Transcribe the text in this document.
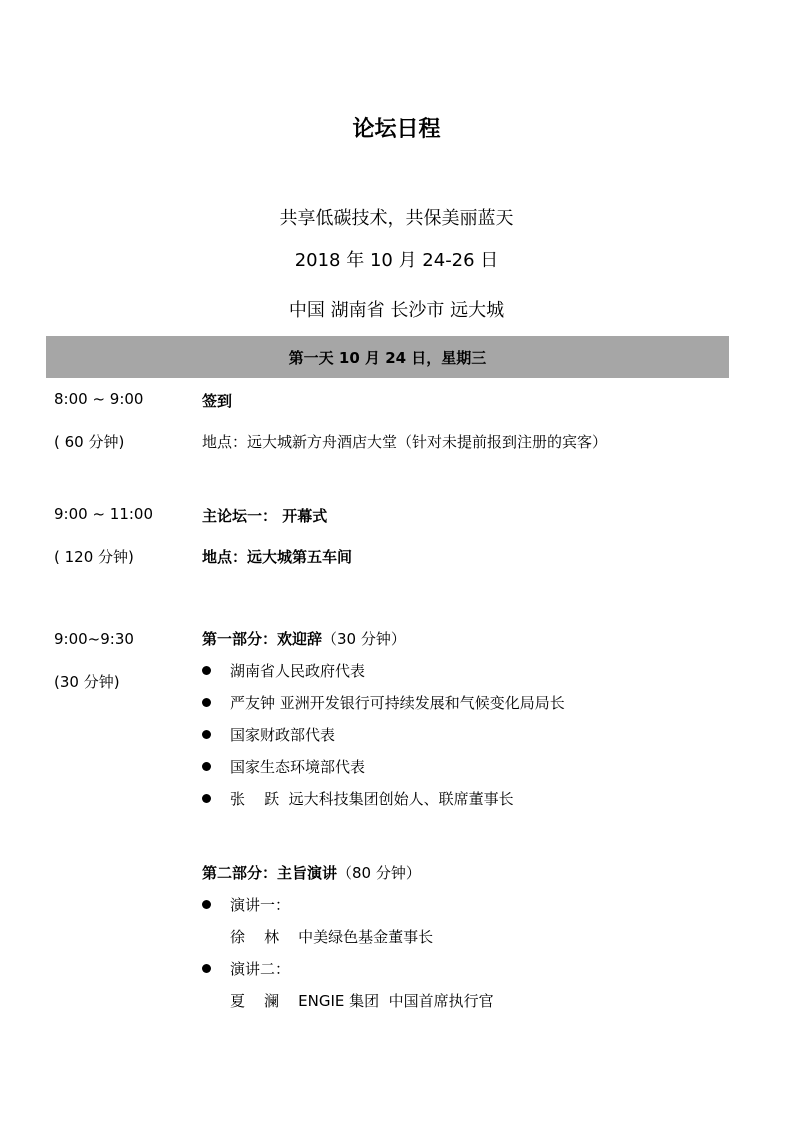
论坛日程
共享低碳技术，共保美丽蓝天
2018 年 10 月 24-26 日
中国 湖南省 长沙市 远大城
第一天 10 月 24 日，星期三
8:00 ~ 9:00
( 60 分钟)
签到
地点：远大城新方舟酒店大堂（针对未提前报到注册的宾客）
9:00 ~ 11:00
( 120 分钟)
主论坛一： 开幕式
地点：远大城第五车间
9:00~9:30
(30 分钟)
第一部分：欢迎辞（30 分钟）
湖南省人民政府代表
严友钟 亚洲开发银行可持续发展和气候变化局局长
国家财政部代表
国家生态环境部代表
张    跃  远大科技集团创始人、联席董事长
第二部分：主旨演讲（80 分钟）
演讲一：
徐    林    中美绿色基金董事长
演讲二：
夏    澜    ENGIE 集团  中国首席执行官
